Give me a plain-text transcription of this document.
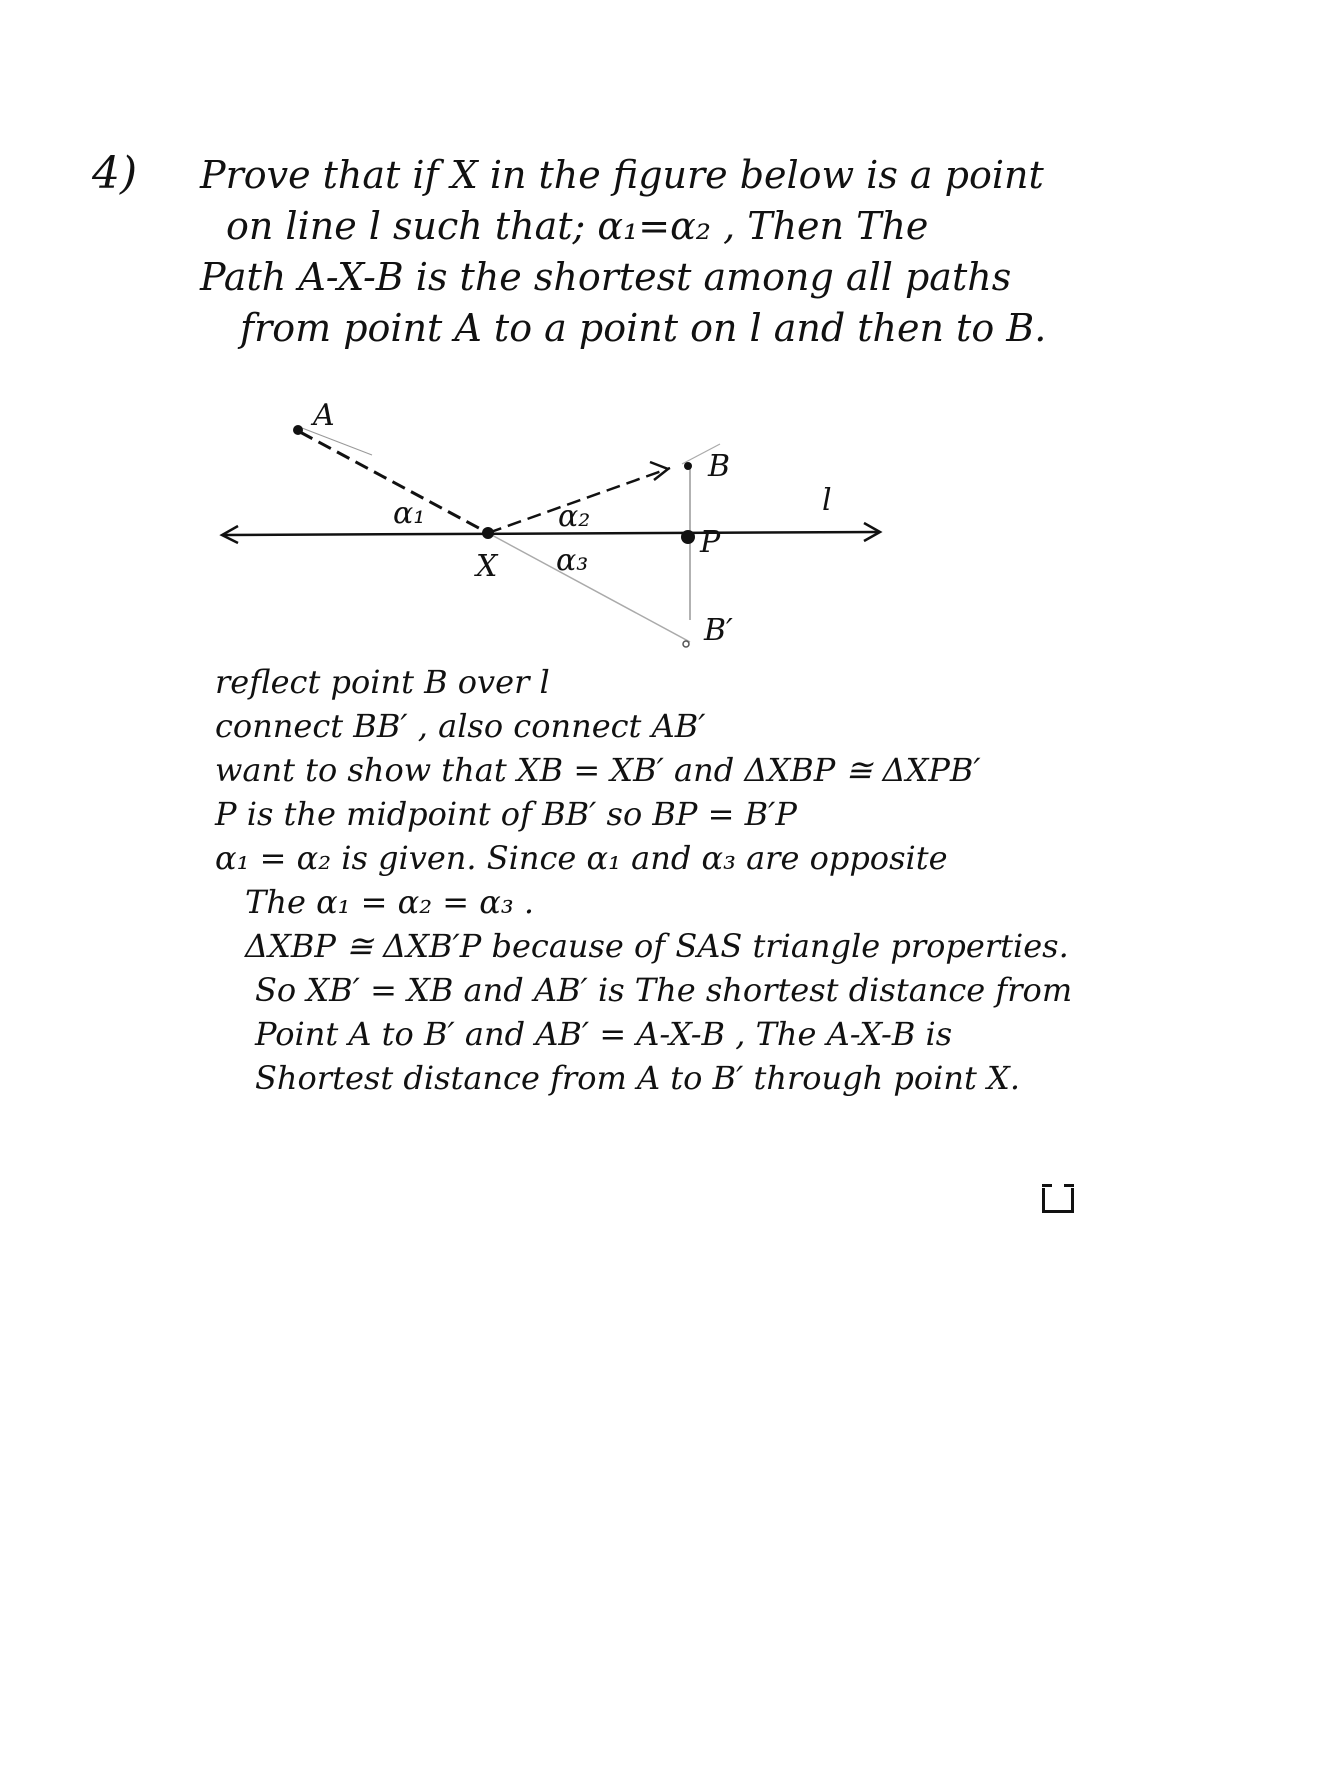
4) Prove that if X in the figure below is a point
on line l such that; α₁=α₂ , Then The
Path A-X-B is the shortest among all paths
from point A to a point on l and then to B.
A
B
X
P
B′
l
α₁	α₂
α₃
reflect point B over l
connect BB′ , also connect AB′
want to show that XB = XB′ and ΔXBP ≅ ΔXPB′
P is the midpoint of BB′ so BP = B′P
α₁ = α₂ is given. Since α₁ and α₃ are opposite
The α₁ = α₂ = α₃ .
ΔXBP ≅ ΔXB′P because of SAS triangle properties.
So XB′ = XB and AB′ is The shortest distance from
Point A to B′ and AB′ = A-X-B , The A-X-B is
Shortest distance from A to B′ through point X.
